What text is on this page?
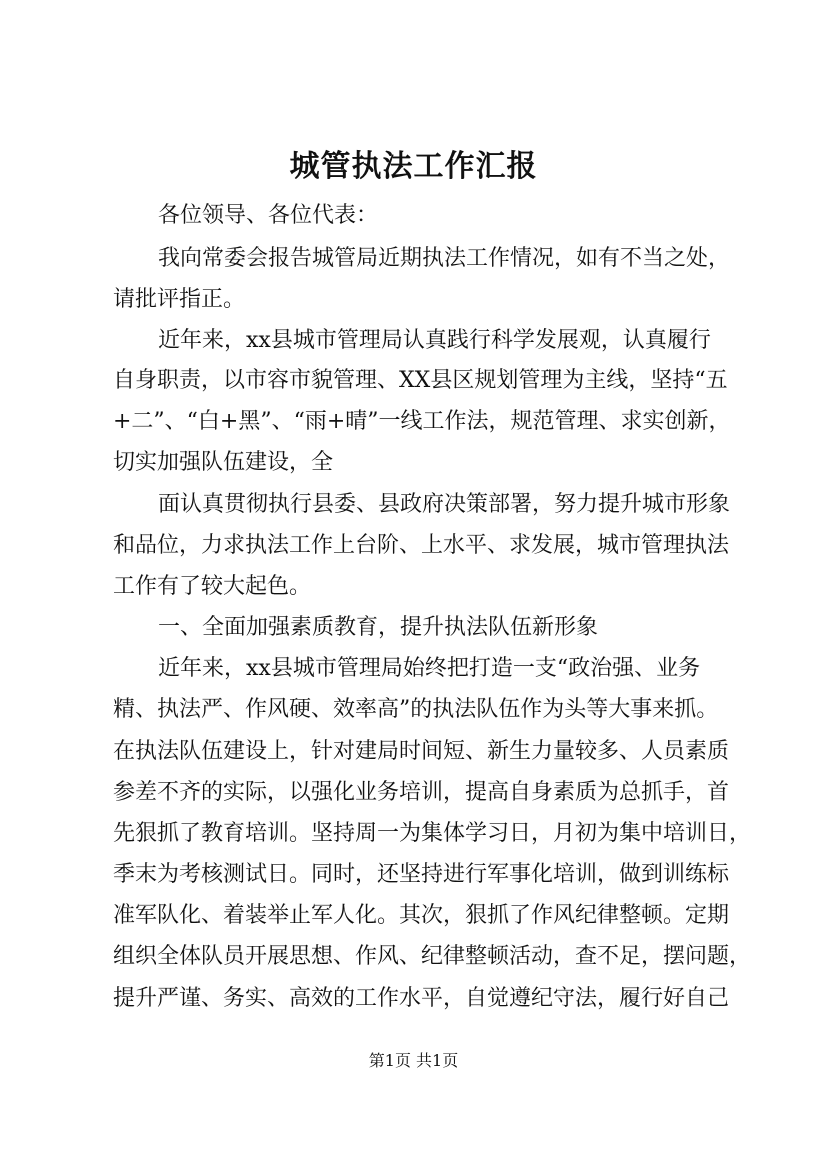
城管执法工作汇报
各位领导、各位代表：
我向常委会报告城管局近期执法工作情况，如有不当之处，
请批评指正。
近年来，xx县城市管理局认真践行科学发展观，认真履行
自身职责，以市容市貌管理、XX县区规划管理为主线，坚持“五
+二”、“白+黑”、“雨+晴”一线工作法，规范管理、求实创新，
切实加强队伍建设，全
面认真贯彻执行县委、县政府决策部署，努力提升城市形象
和品位，力求执法工作上台阶、上水平、求发展，城市管理执法
工作有了较大起色。
一、全面加强素质教育，提升执法队伍新形象
近年来，xx县城市管理局始终把打造一支“政治强、业务
精、执法严、作风硬、效率高”的执法队伍作为头等大事来抓。
在执法队伍建设上，针对建局时间短、新生力量较多、人员素质
参差不齐的实际，以强化业务培训，提高自身素质为总抓手，首
先狠抓了教育培训。坚持周一为集体学习日，月初为集中培训日，
季末为考核测试日。同时，还坚持进行军事化培训，做到训练标
准军队化、着装举止军人化。其次，狠抓了作风纪律整顿。定期
组织全体队员开展思想、作风、纪律整顿活动，查不足，摆问题，
提升严谨、务实、高效的工作水平，自觉遵纪守法，履行好自己
第1页 共1页
